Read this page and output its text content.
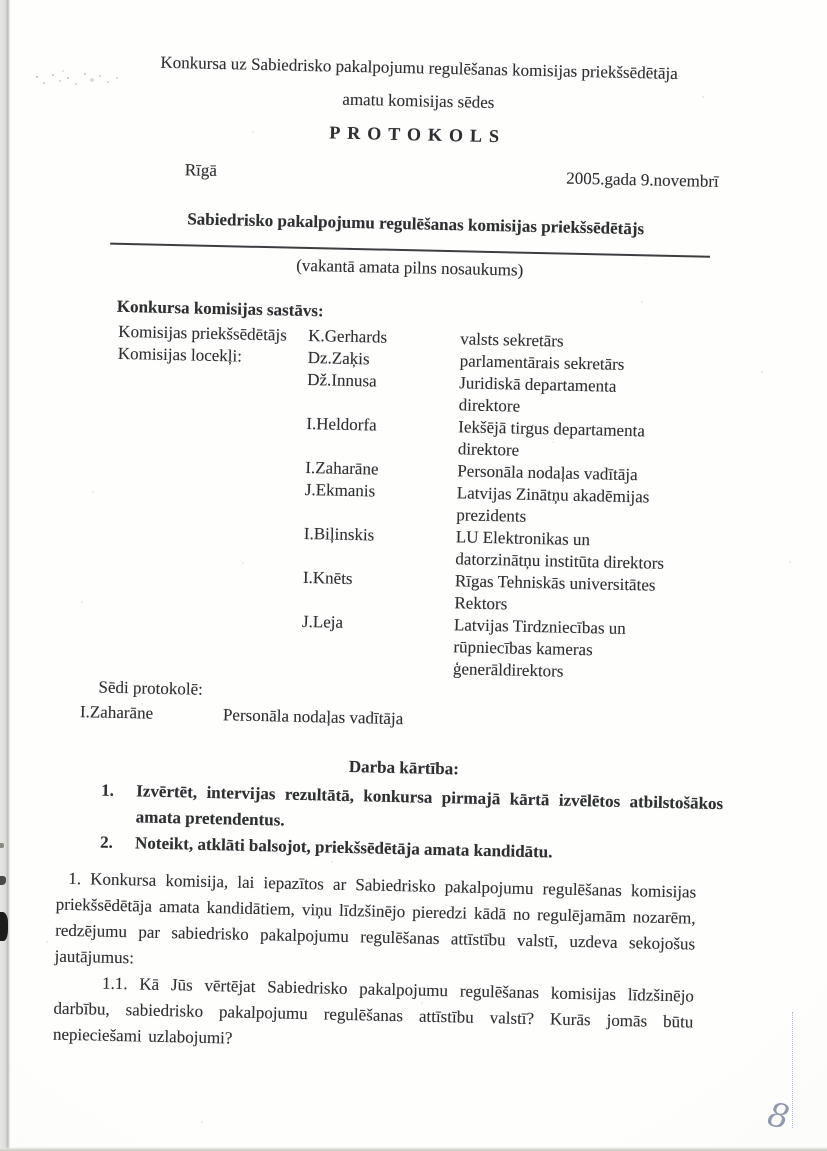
Konkursa uz Sabiedrisko pakalpojumu regulēšanas komisijas priekšsēdētāja
amatu komisijas sēdes
PROTOKOLS
Rīgā	2005.gada 9.novembrī
Sabiedrisko pakalpojumu regulēšanas komisijas priekšsēdētājs
(vakantā amata pilns nosaukums)
Konkursa komisijas sastāvs:
Komisijas priekšsēdētājs	K.Gerhards	valsts sekretārs
Komisijas locekļi:	Dz.Zaķis	parlamentārais sekretārs
Dž.Innusa	Juridiskā departamenta
direktore
I.Heldorfa	Iekšējā tirgus departamenta
direktore
I.Zaharāne	Personāla nodaļas vadītāja
J.Ekmanis	Latvijas Zinātņu akadēmijas
prezidents
I.Biļinskis	LU Elektronikas un
datorzinātņu institūta direktors
I.Knēts	Rīgas Tehniskās universitātes
Rektors
J.Leja	Latvijas Tirdzniecības un
rūpniecības kameras
ģenerāldirektors
Sēdi protokolē:
I.Zaharāne	Personāla nodaļas vadītāja
Darba kārtība:
1.	Izvērtēt, intervijas rezultātā, konkursa pirmajā kārtā izvēlētos atbilstošākos amata pretendentus.
2.	Noteikt, atklāti balsojot, priekšsēdētāja amata kandidātu.

1. Konkursa komisija, lai iepazītos ar Sabiedrisko pakalpojumu regulēšanas komisijas priekšsēdētāja amata kandidātiem, viņu līdzšinējo pieredzi kādā no regulējamām nozarēm, redzējumu par sabiedrisko pakalpojumu regulēšanas attīstību valstī, uzdeva sekojošus jautājumus:

1.1. Kā Jūs vērtējat Sabiedrisko pakalpojumu regulēšanas komisijas līdzšinējo darbību, sabiedrisko pakalpojumu regulēšanas attīstību valstī? Kurās jomās būtu nepieciešami uzlabojumi?

8
